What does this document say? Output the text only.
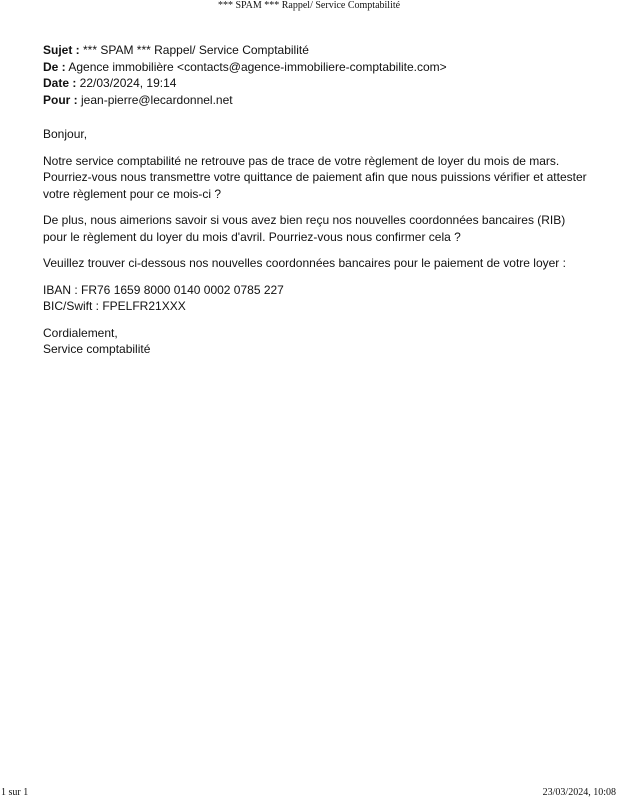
*** SPAM *** Rappel/ Service Comptabilité
Sujet : *** SPAM *** Rappel/ Service Comptabilité
De : Agence immobilière <contacts@agence-immobiliere-comptabilite.com>
Date : 22/03/2024, 19:14
Pour : jean-pierre@lecardonnel.net

Bonjour,

Notre service comptabilité ne retrouve pas de trace de votre règlement de loyer du mois de mars. Pourriez-vous nous transmettre votre quittance de paiement afin que nous puissions vérifier et attester votre règlement pour ce mois-ci ?

De plus, nous aimerions savoir si vous avez bien reçu nos nouvelles coordonnées bancaires (RIB) pour le règlement du loyer du mois d'avril. Pourriez-vous nous confirmer cela ?

Veuillez trouver ci-dessous nos nouvelles coordonnées bancaires pour le paiement de votre loyer :

IBAN : FR76 1659 8000 0140 0002 0785 227
BIC/Swift : FPELFR21XXX

Cordialement,
Service comptabilité

1 sur 1	23/03/2024, 10:08
